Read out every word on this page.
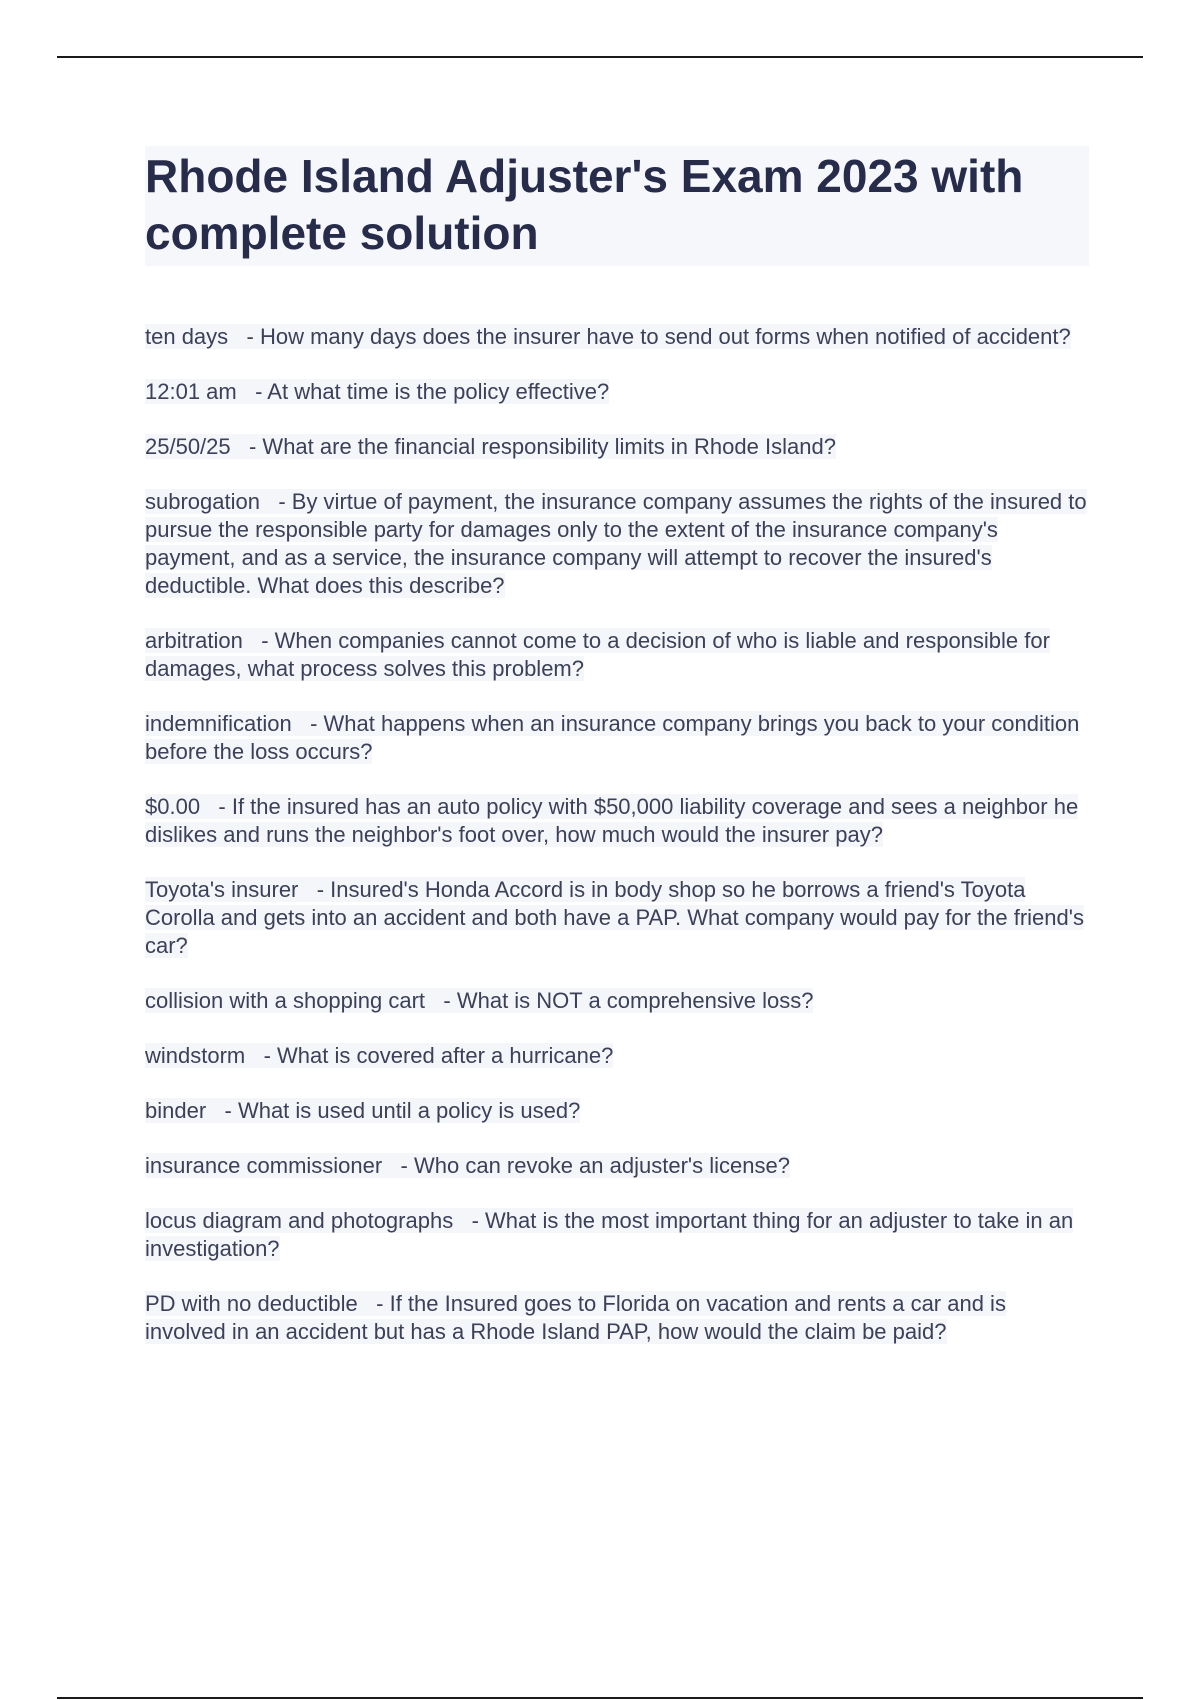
Rhode Island Adjuster's Exam 2023 with complete solution
ten days - How many days does the insurer have to send out forms when notified of accident?
12:01 am - At what time is the policy effective?
25/50/25 - What are the financial responsibility limits in Rhode Island?
subrogation - By virtue of payment, the insurance company assumes the rights of the insured to pursue the responsible party for damages only to the extent of the insurance company's payment, and as a service, the insurance company will attempt to recover the insured's deductible. What does this describe?
arbitration - When companies cannot come to a decision of who is liable and responsible for damages, what process solves this problem?
indemnification - What happens when an insurance company brings you back to your condition before the loss occurs?
$0.00 - If the insured has an auto policy with $50,000 liability coverage and sees a neighbor he dislikes and runs the neighbor's foot over, how much would the insurer pay?
Toyota's insurer - Insured's Honda Accord is in body shop so he borrows a friend's Toyota Corolla and gets into an accident and both have a PAP. What company would pay for the friend's car?
collision with a shopping cart - What is NOT a comprehensive loss?
windstorm - What is covered after a hurricane?
binder - What is used until a policy is used?
insurance commissioner - Who can revoke an adjuster's license?
locus diagram and photographs - What is the most important thing for an adjuster to take in an investigation?
PD with no deductible - If the Insured goes to Florida on vacation and rents a car and is involved in an accident but has a Rhode Island PAP, how would the claim be paid?
